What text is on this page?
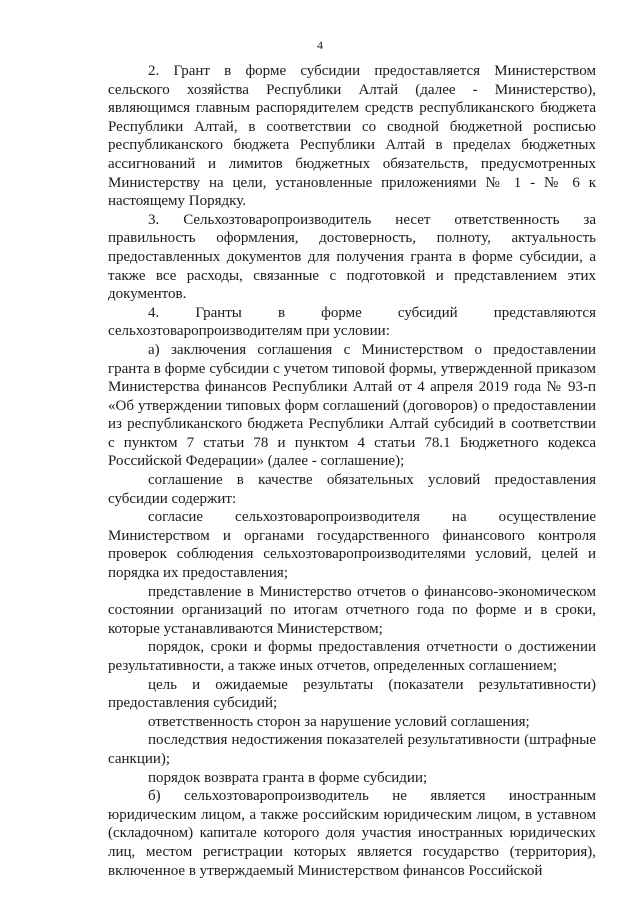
4

2. Грант в форме субсидии предоставляется Министерством сельского хозяйства Республики Алтай (далее - Министерство), являющимся главным распорядителем средств республиканского бюджета Республики Алтай, в соответствии со сводной бюджетной росписью республиканского бюджета Республики Алтай в пределах бюджетных ассигнований и лимитов бюджетных обязательств, предусмотренных Министерству на цели, установленные приложениями № 1 - № 6 к настоящему Порядку.

3. Сельхозтоваропроизводитель несет ответственность за правильность оформления, достоверность, полноту, актуальность предоставленных документов для получения гранта в форме субсидии, а также все расходы, связанные с подготовкой и представлением этих документов.

4. Гранты в форме субсидий представляются сельхозтоваропроизводителям при условии:

а) заключения соглашения с Министерством о предоставлении гранта в форме субсидии с учетом типовой формы, утвержденной приказом Министерства финансов Республики Алтай от 4 апреля 2019 года № 93-п «Об утверждении типовых форм соглашений (договоров) о предоставлении из республиканского бюджета Республики Алтай субсидий в соответствии с пунктом 7 статьи 78 и пунктом 4 статьи 78.1 Бюджетного кодекса Российской Федерации» (далее - соглашение);

соглашение в качестве обязательных условий предоставления субсидии содержит:

согласие сельхозтоваропроизводителя на осуществление Министерством и органами государственного финансового контроля проверок соблюдения сельхозтоваропроизводителями условий, целей и порядка их предоставления;

представление в Министерство отчетов о финансово-экономическом состоянии организаций по итогам отчетного года по форме и в сроки, которые устанавливаются Министерством;

порядок, сроки и формы предоставления отчетности о достижении результативности, а также иных отчетов, определенных соглашением;

цель и ожидаемые результаты (показатели результативности) предоставления субсидий;

ответственность сторон за нарушение условий соглашения;

последствия недостижения показателей результативности (штрафные санкции);

порядок возврата гранта в форме субсидии;

б) сельхозтоваропроизводитель не является иностранным юридическим лицом, а также российским юридическим лицом, в уставном (складочном) капитале которого доля участия иностранных юридических лиц, местом регистрации которых является государство (территория), включенное в утверждаемый Министерством финансов Российской
